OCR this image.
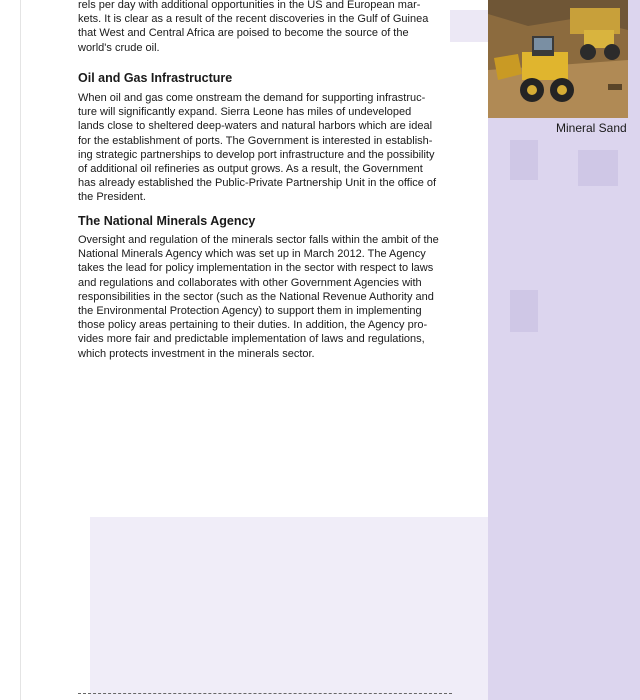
Mineral Sand

rels per day with additional opportunities in the US and European mar-
kets. It is clear as a result of the recent discoveries in the Gulf of Guinea
that West and Central Africa are poised to become the source of the
world's crude oil.

Oil and Gas Infrastructure

When oil and gas come onstream the demand for supporting infrastruc-
ture will significantly expand. Sierra Leone has miles of undeveloped
lands close to sheltered deep-waters and natural harbors which are ideal
for the establishment of ports. The Government is interested in establish-
ing strategic partnerships to develop port infrastructure and the possibility
of additional oil refineries as output grows. As a result, the Government
has already established the Public-Private Partnership Unit in the office of
the President.

The National Minerals Agency

Oversight and regulation of the minerals sector falls within the ambit of the
National Minerals Agency which was set up in March 2012. The Agency
takes the lead for policy implementation in the sector with respect to laws
and regulations and collaborates with other Government Agencies with
responsibilities in the sector (such as the National Revenue Authority and
the Environmental Protection Agency) to support them in implementing
those policy areas pertaining to their duties. In addition, the Agency pro-
vides more fair and predictable implementation of laws and regulations,
which protects investment in the minerals sector.
